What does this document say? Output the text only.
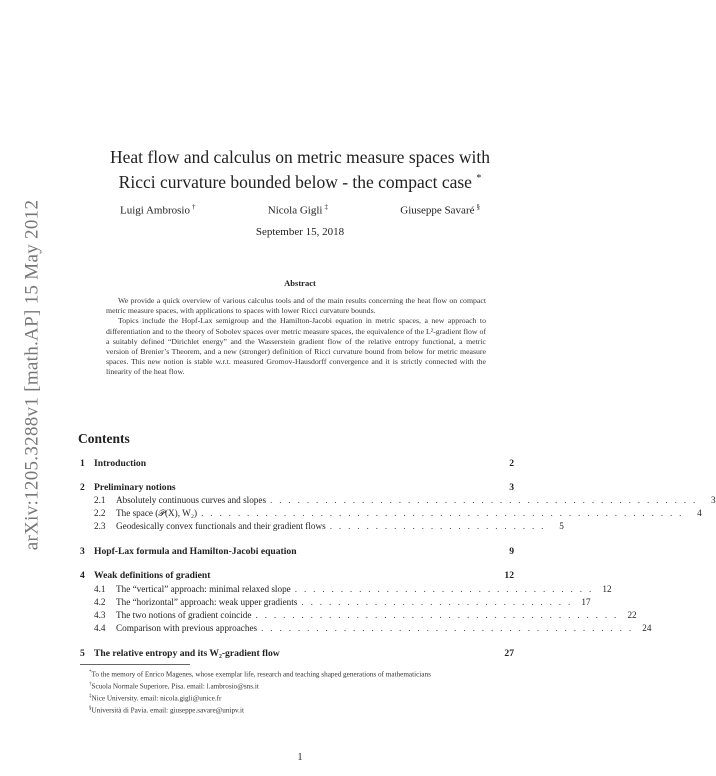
arXiv:1205.3288v1 [math.AP] 15 May 2012
Heat flow and calculus on metric measure spaces with
Ricci curvature bounded below - the compact case *
Luigi Ambrosio †	Nicola Gigli ‡	Giuseppe Savaré §
September 15, 2018
Abstract

We provide a quick overview of various calculus tools and of the main results concerning the heat flow on compact metric measure spaces, with applications to spaces with lower Ricci curvature bounds.

Topics include the Hopf-Lax semigroup and the Hamilton-Jacobi equation in metric spaces, a new approach to differentiation and to the theory of Sobolev spaces over metric measure spaces, the equivalence of the L²-gradient flow of a suitably defined “Dirichlet energy” and the Wasserstein gradient flow of the relative entropy functional, a metric version of Brenier’s Theorem, and a new (stronger) definition of Ricci curvature bound from below for metric measure spaces. This new notion is stable w.r.t. measured Gromov-Hausdorff convergence and it is strictly connected with the linearity of the heat flow.

Contents
1 Introduction	2
2 Preliminary notions	3
2.1	Absolutely continuous curves and slopes . . . . . . . . . . . . . . . . . . . . . . . . . . . . . . . . . . . . . . . . . . . . . . .	3
2.2	The space (𝒫(X), W₂) . . . . . . . . . . . . . . . . . . . . . . . . . . . . . . . . . . . . . . . . . . . . . . . . . . . . .	4
2.3	Geodesically convex functionals and their gradient flows . . . . . . . . . . . . . . . . . . . . . . . .	5
3 Hopf-Lax formula and Hamilton-Jacobi equation	9
4 Weak definitions of gradient	12
4.1	The “vertical” approach: minimal relaxed slope . . . . . . . . . . . . . . . . . . . . . . . . . . . . . . . . . 12
4.2	The “horizontal” approach: weak upper gradients . . . . . . . . . . . . . . . . . . . . . . . . . . . . . . 17
4.3	The two notions of gradient coincide . . . . . . . . . . . . . . . . . . . . . . . . . . . . . . . . . . . . . . . . 22
4.4	Comparison with previous approaches . . . . . . . . . . . . . . . . . . . . . . . . . . . . . . . . . . . . . . . . . 24
5 The relative entropy and its W₂-gradient flow	27

*To the memory of Enrico Magenes, whose exemplar life, research and teaching shaped generations of mathematicians

†Scuola Normale Superiore, Pisa. email: l.ambrosio@sns.it

‡Nice University. email: nicola.gigli@unice.fr

§Università di Pavia. email: giuseppe.savare@unipv.it

1
